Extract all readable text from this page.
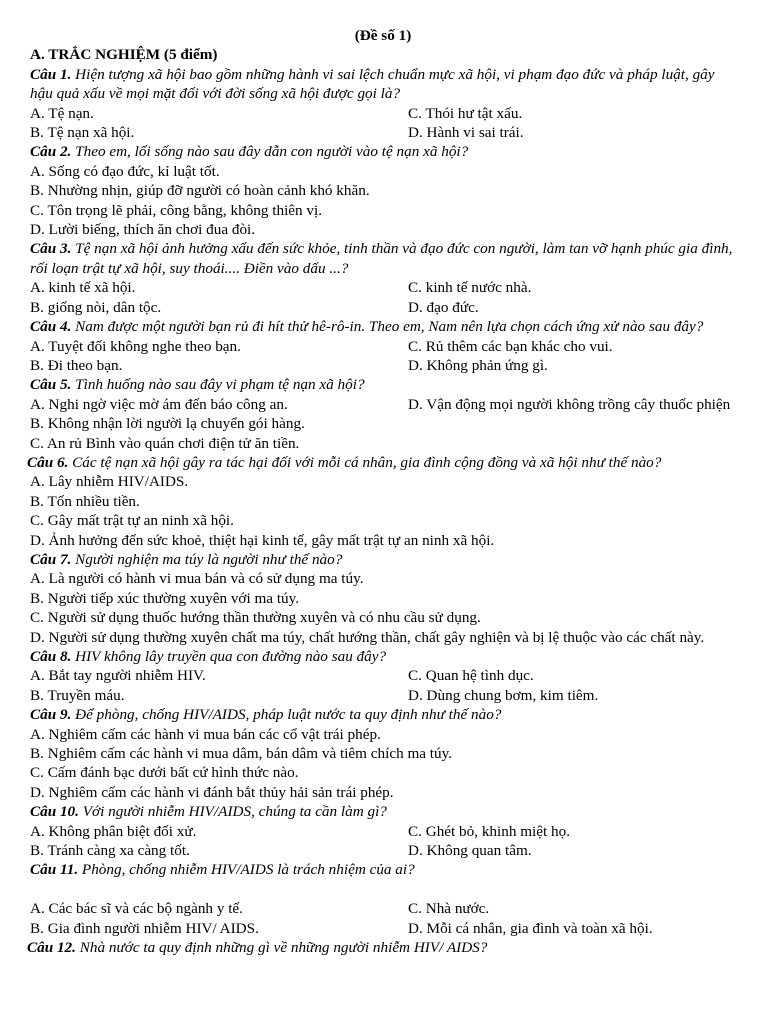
(Đề số 1)
A. TRẮC NGHIỆM (5 điểm)
Câu 1. Hiện tượng xã hội bao gồm những hành vi sai lệch chuẩn mực xã hội, vi phạm đạo đức và pháp luật, gây hậu quả xấu về mọi mặt đối với đời sống xã hội được gọi là?
A. Tệ nạn.	C. Thói hư tật xấu.
B. Tệ nạn xã hội.	D. Hành vi sai trái.
Câu 2. Theo em, lối sống nào sau đây dẫn con người vào tệ nạn xã hội?
A. Sống có đạo đức, kỉ luật tốt.
B. Nhường nhịn, giúp đỡ người có hoàn cảnh khó khăn.
C. Tôn trọng lẽ phải, công bằng, không thiên vị.
D. Lười biếng, thích ăn chơi đua đòi.
Câu 3. Tệ nạn xã hội ảnh hưởng xấu đến sức khỏe, tinh thần và đạo đức con người, làm tan vỡ hạnh phúc gia đình, rối loạn trật tự xã hội, suy thoái.... Điền vào dấu ...?
A. kinh tế xã hội.	C. kinh tế nước nhà.
B. giống nòi, dân tộc.	D. đạo đức.
Câu 4. Nam được một người bạn rủ đi hít thử hê-rô-in. Theo em, Nam nên lựa chọn cách ứng xử nào sau đây?
A. Tuyệt đối không nghe theo bạn.	C. Rủ thêm các bạn khác cho vui.
B. Đi theo bạn.	D. Không phản ứng gì.
Câu 5. Tình huống nào sau đây vi phạm tệ nạn xã hội?
A. Nghi ngờ việc mờ ám đến báo công an.
B. Không nhận lời người lạ chuyển gói hàng.
D. Vận động mọi người không trồng cây thuốc phiện
C. An rủ Bình vào quán chơi điện tử ăn tiền.
Câu 6. Các tệ nạn xã hội gây ra tác hại đối với mỗi cá nhân, gia đình cộng đồng và xã hội như thế nào?
A. Lây nhiễm HIV/AIDS.
B. Tốn nhiều tiền.
C. Gây mất trật tự an ninh xã hội.
D. Ảnh hưởng đến sức khoẻ, thiệt hại kinh tế, gây mất trật tự an ninh xã hội.
Câu 7. Người nghiện ma túy là người như thế nào?
A. Là người có hành vi mua bán và có sử dụng ma túy.
B. Người tiếp xúc thường xuyên với ma túy.
C. Người sử dụng thuốc hướng thần thường xuyên và có nhu cầu sử dụng.
D. Người sử dụng thường xuyên chất ma túy, chất hướng thần, chất gây nghiện và bị lệ thuộc vào các chất này.
Câu 8. HIV không lây truyền qua con đường nào sau đây?
A. Bắt tay người nhiễm HIV.	C. Quan hệ tình dục.
B. Truyền máu.	D. Dùng chung bơm, kim tiêm.
Câu 9. Để phòng, chống HIV/AIDS, pháp luật nước ta quy định như thế nào?
A. Nghiêm cấm các hành vi mua bán các cổ vật trái phép.
B. Nghiêm cấm các hành vi mua dâm, bán dâm và tiêm chích ma túy.
C. Cấm đánh bạc dưới bất cứ hình thức nào.
D. Nghiêm cấm các hành vi đánh bắt thủy hải sản trái phép.
Câu 10. Với người nhiễm HIV/AIDS, chúng ta cần làm gì?
A. Không phân biệt đối xử.	C. Ghét bỏ, khinh miệt họ.
B. Tránh càng xa càng tốt.	D. Không quan tâm.
Câu 11. Phòng, chống nhiễm HIV/AIDS là trách nhiệm của ai?
A. Các bác sĩ và các bộ ngành y tế.	C. Nhà nước.
B. Gia đình người nhiễm HIV/ AIDS.	D. Mỗi cá nhân, gia đình và toàn xã hội.
Câu 12. Nhà nước ta quy định những gì về những người nhiễm HIV/ AIDS?
